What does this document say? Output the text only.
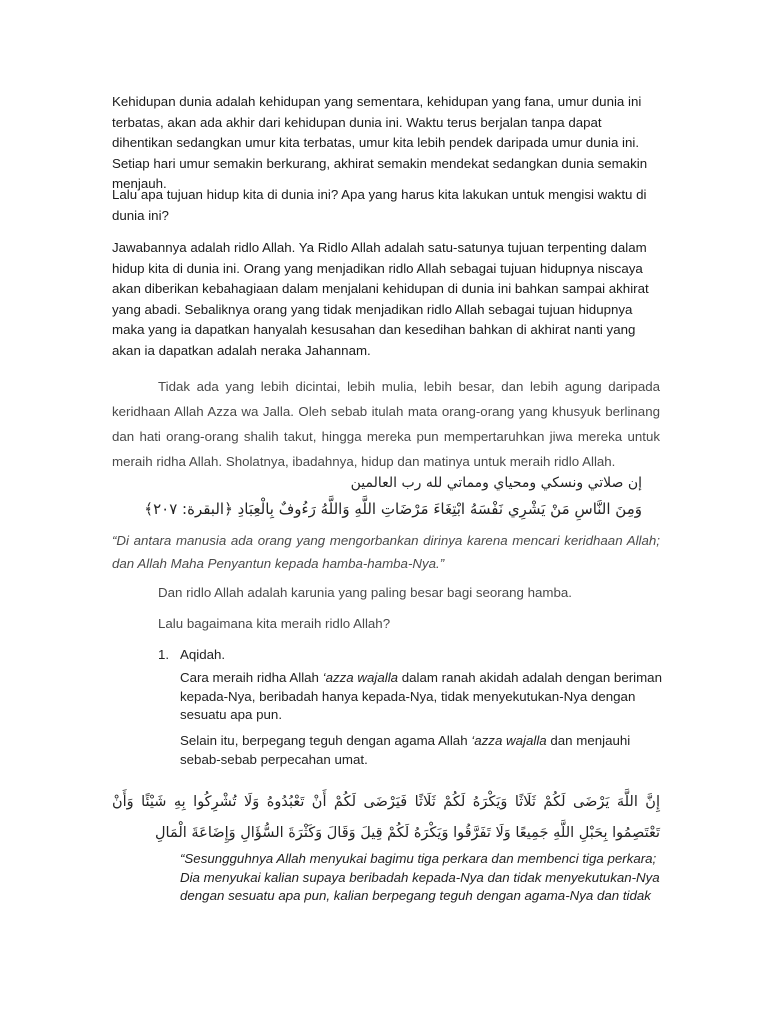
Kehidupan dunia adalah kehidupan yang sementara, kehidupan yang fana, umur dunia ini terbatas, akan ada akhir dari kehidupan dunia ini. Waktu terus berjalan tanpa dapat dihentikan sedangkan umur kita terbatas, umur kita lebih pendek daripada umur dunia ini. Setiap hari umur semakin berkurang, akhirat semakin mendekat sedangkan dunia semakin menjauh.

Lalu apa tujuan hidup kita di dunia ini? Apa yang harus kita lakukan untuk mengisi waktu di dunia ini?

Jawabannya adalah ridlo Allah. Ya Ridlo Allah adalah satu-satunya tujuan terpenting dalam hidup kita di dunia ini. Orang yang menjadikan ridlo Allah sebagai tujuan hidupnya niscaya akan diberikan kebahagiaan dalam menjalani kehidupan di dunia ini bahkan sampai akhirat yang abadi. Sebaliknya orang yang tidak menjadikan ridlo Allah sebagai tujuan hidupnya maka yang ia dapatkan hanyalah kesusahan dan kesedihan bahkan di akhirat nanti yang akan ia dapatkan adalah neraka Jahannam.

Tidak ada yang lebih dicintai, lebih mulia, lebih besar, dan lebih agung daripada keridhaan Allah Azza wa Jalla. Oleh sebab itulah mata orang-orang yang khusyuk berlinang dan hati orang-orang shalih takut, hingga mereka pun mempertaruhkan jiwa mereka untuk meraih ridha Allah. Sholatnya, ibadahnya, hidup dan matinya untuk meraih ridlo Allah.

إن صلاتي ونسكي ومحياي ومماتي لله رب العالمين
وَمِنَ النَّاسِ مَنْ يَشْرِي نَفْسَهُ ابْتِغَاءَ مَرْضَاتِ اللَّهِ وَاللَّهُ رَءُوفٌ بِالْعِبَادِ ﴿البقرة: ٢٠٧﴾

“Di antara manusia ada orang yang mengorbankan dirinya karena mencari keridhaan Allah; dan Allah Maha Penyantun kepada hamba-hamba-Nya.”

Dan ridlo Allah adalah karunia yang paling besar bagi seorang hamba.

Lalu bagaimana kita meraih ridlo Allah?

1. Aqidah.

Cara meraih ridha Allah ‘azza wajalla dalam ranah akidah adalah dengan beriman kepada-Nya, beribadah hanya kepada-Nya, tidak menyekutukan-Nya dengan sesuatu apa pun.

Selain itu, berpegang teguh dengan agama Allah ‘azza wajalla dan menjauhi sebab-sebab perpecahan umat.

إِنَّ اللَّهَ يَرْضَى لَكُمْ ثَلَاثًا وَيَكْرَهُ لَكُمْ ثَلَاثًا فَيَرْضَى لَكُمْ أَنْ تَعْبُدُوهُ وَلَا تُشْرِكُوا بِهِ شَيْئًا وَأَنْ تَعْتَصِمُوا بِحَبْلِ اللَّهِ جَمِيعًا وَلَا تَفَرَّقُوا وَيَكْرَهُ لَكُمْ قِيلَ وَقَالَ وَكَثْرَةَ السُّؤَالِ وَإِضَاعَةَ الْمَالِ

“Sesungguhnya Allah menyukai bagimu tiga perkara dan membenci tiga perkara; Dia menyukai kalian supaya beribadah kepada-Nya dan tidak menyekutukan-Nya dengan sesuatu apa pun, kalian berpegang teguh dengan agama-Nya dan tidak
